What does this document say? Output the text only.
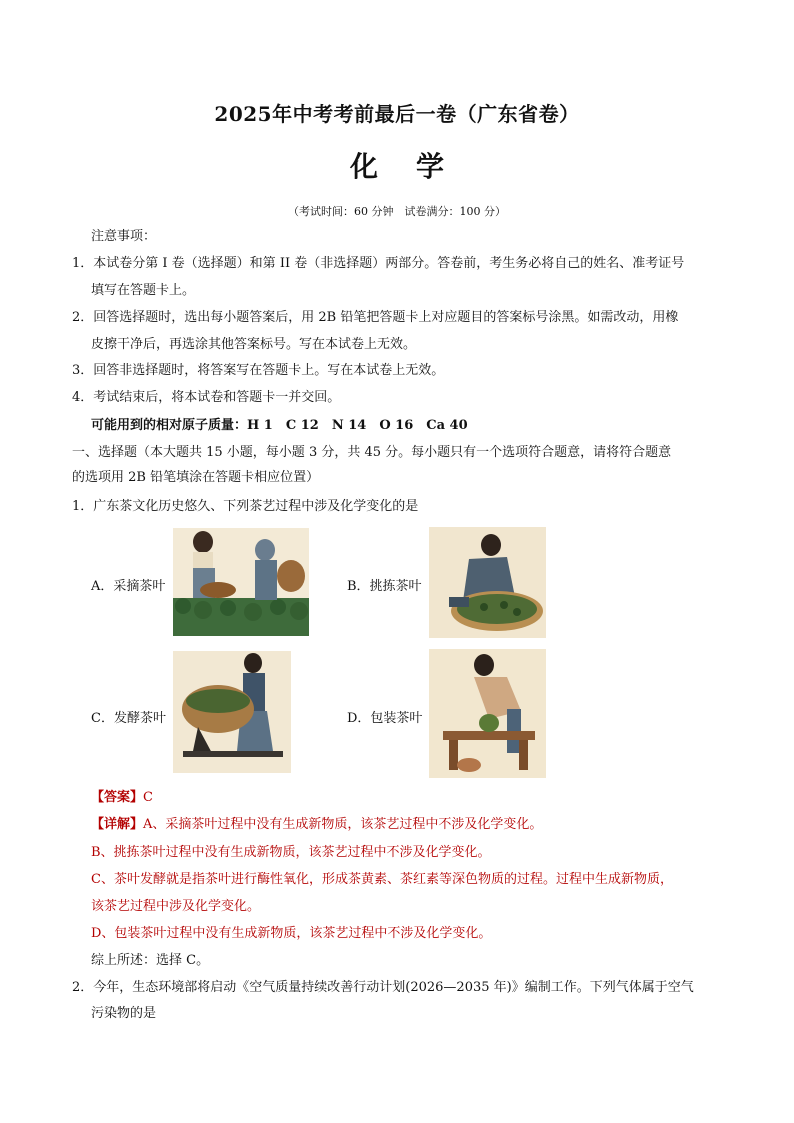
2025年中考考前最后一卷（广东省卷）
化学
（考试时间：60 分钟　试卷满分：100 分）
注意事项：
1．本试卷分第 I 卷（选择题）和第 II 卷（非选择题）两部分。答卷前，考生务必将自己的姓名、准考证号
填写在答题卡上。
2．回答选择题时，选出每小题答案后，用 2B 铅笔把答题卡上对应题目的答案标号涂黑。如需改动，用橡
皮擦干净后，再选涂其他答案标号。写在本试卷上无效。
3．回答非选择题时，将答案写在答题卡上。写在本试卷上无效。
4．考试结束后，将本试卷和答题卡一并交回。
可能用到的相对原子质量：H 1　C 12　N 14　O 16　Ca 40
一、选择题（本大题共 15 小题，每小题 3 分，共 45 分。每小题只有一个选项符合题意，请将符合题意
的选项用 2B 铅笔填涂在答题卡相应位置）
1．广东茶文化历史悠久、下列茶艺过程中涉及化学变化的是
A．采摘茶叶	B．挑拣茶叶
C．发酵茶叶	D．包装茶叶
【答案】C
【详解】A、采摘茶叶过程中没有生成新物质，该茶艺过程中不涉及化学变化。
B、挑拣茶叶过程中没有生成新物质，该茶艺过程中不涉及化学变化。
C、茶叶发酵就是指茶叶进行酶性氧化，形成茶黄素、茶红素等深色物质的过程。过程中生成新物质，
该茶艺过程中涉及化学变化。
D、包装茶叶过程中没有生成新物质，该茶艺过程中不涉及化学变化。
综上所述：选择 C。
2．今年，生态环境部将启动《空气质量持续改善行动计划(2026—2035 年)》编制工作。下列气体属于空气
污染物的是
